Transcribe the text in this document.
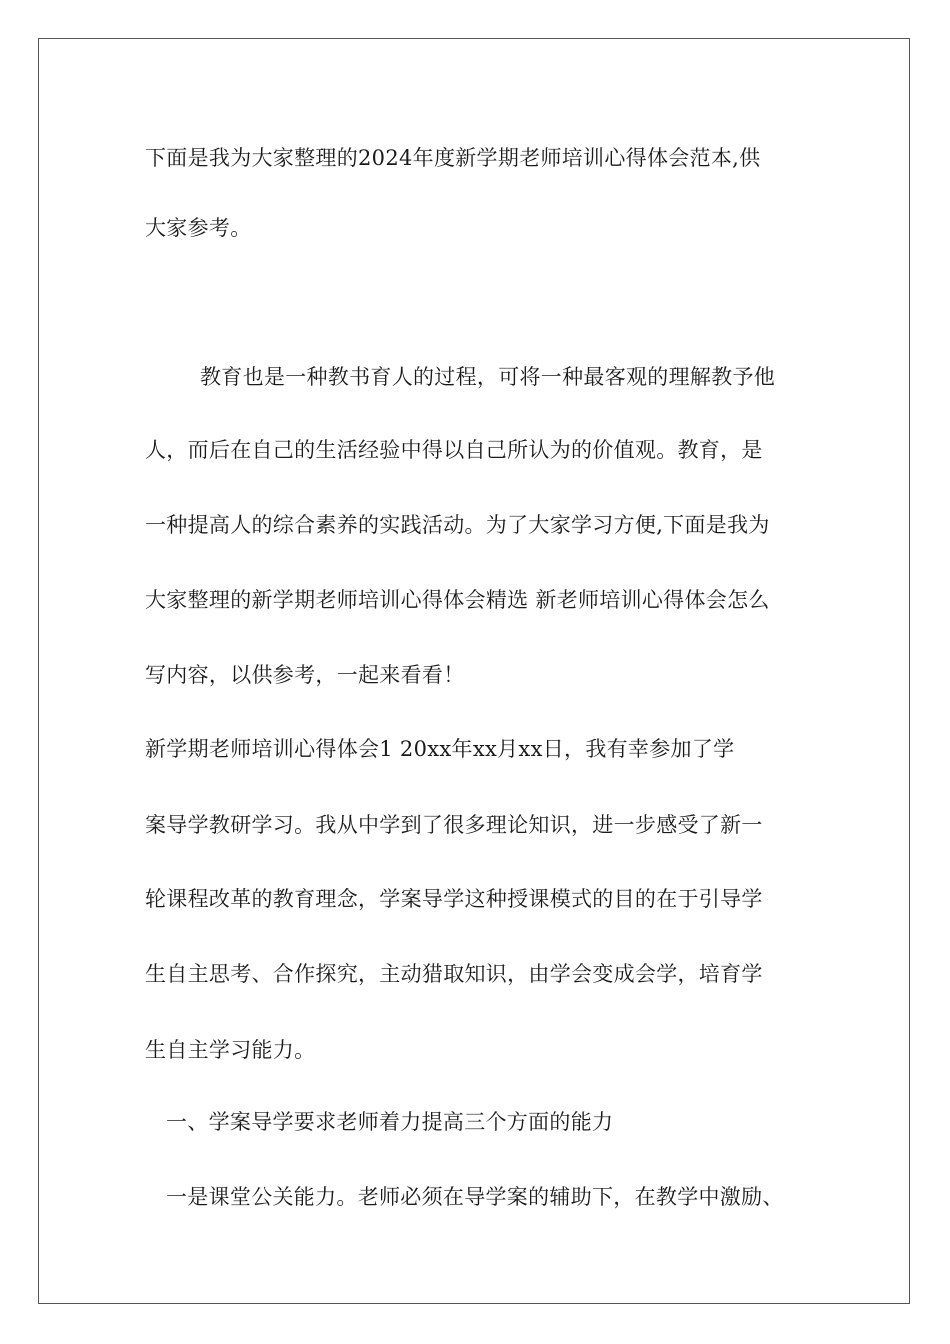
下面是我为大家整理的2024年度新学期老师培训心得体会范本,供
大家参考。
教育也是一种教书育人的过程，可将一种最客观的理解教予他
人，而后在自己的生活经验中得以自己所认为的价值观。教育，是
一种提高人的综合素养的实践活动。为了大家学习方便,下面是我为
大家整理的新学期老师培训心得体会精选 新老师培训心得体会怎么
写内容，以供参考，一起来看看！
新学期老师培训心得体会1 20xx年xx月xx日，我有幸参加了学
案导学教研学习。我从中学到了很多理论知识，进一步感受了新一
轮课程改革的教育理念，学案导学这种授课模式的目的在于引导学
生自主思考、合作探究，主动猎取知识，由学会变成会学，培育学
生自主学习能力。
一、学案导学要求老师着力提高三个方面的能力
一是课堂公关能力。老师必须在导学案的辅助下，在教学中激励、
